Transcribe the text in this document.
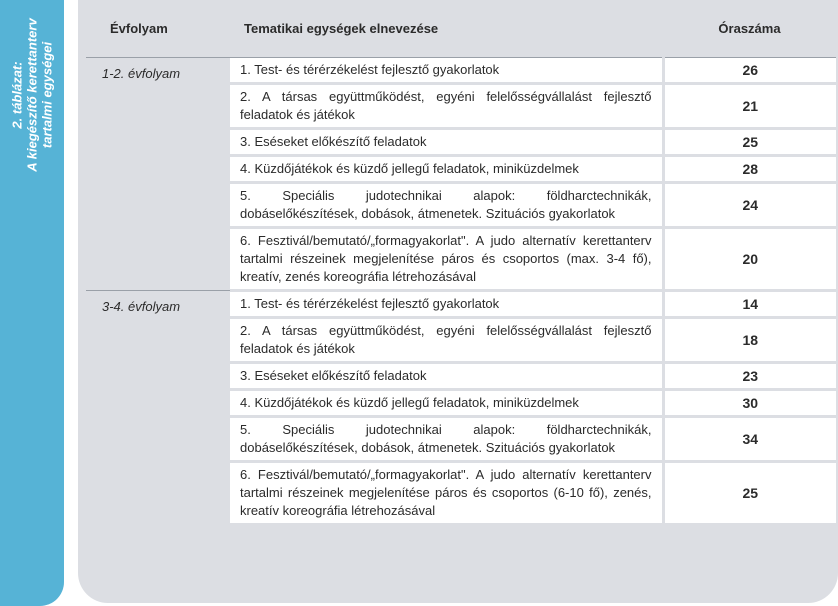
2. táblázat: A kiegészítő kerettanterv tartalmi egységei
Évfolyam	Tematikai egységek elnevezése	Óraszáma
1-2. évfolyam	1. Test- és térérzékelést fejlesztő gyakorlatok	26
	2. A társas együttműködést, egyéni felelősségvállalást fejlesztő feladatok és játékok	21
	3. Eséseket előkészítő feladatok	25
	4. Küzdőjátékok és küzdő jellegű feladatok, miniküzdelmek	28
	5. Speciális judotechnikai alapok: földharctechnikák, dobáselőkészítések, dobások, átmenetek. Szituációs gyakorlatok	24
	6. Fesztivál/bemutató/„formagyakorlat". A judo alternatív kerettanterv tartalmi részeinek megjelenítése páros és csoportos (max. 3-4 fő), kreatív, zenés koreográfia létrehozásával	20
3-4. évfolyam	1. Test- és térérzékelést fejlesztő gyakorlatok	14
	2. A társas együttműködést, egyéni felelősségvállalást fejlesztő feladatok és játékok	18
	3. Eséseket előkészítő feladatok	23
	4. Küzdőjátékok és küzdő jellegű feladatok, miniküzdelmek	30
	5. Speciális judotechnikai alapok: földharctechnikák, dobáselőkészítések, dobások, átmenetek. Szituációs gyakorlatok	34
	6. Fesztivál/bemutató/„formagyakorlat". A judo alternatív kerettanterv tartalmi részeinek megjelenítése páros és csoportos (6-10 fő), zenés, kreatív koreográfia létrehozásával	25
